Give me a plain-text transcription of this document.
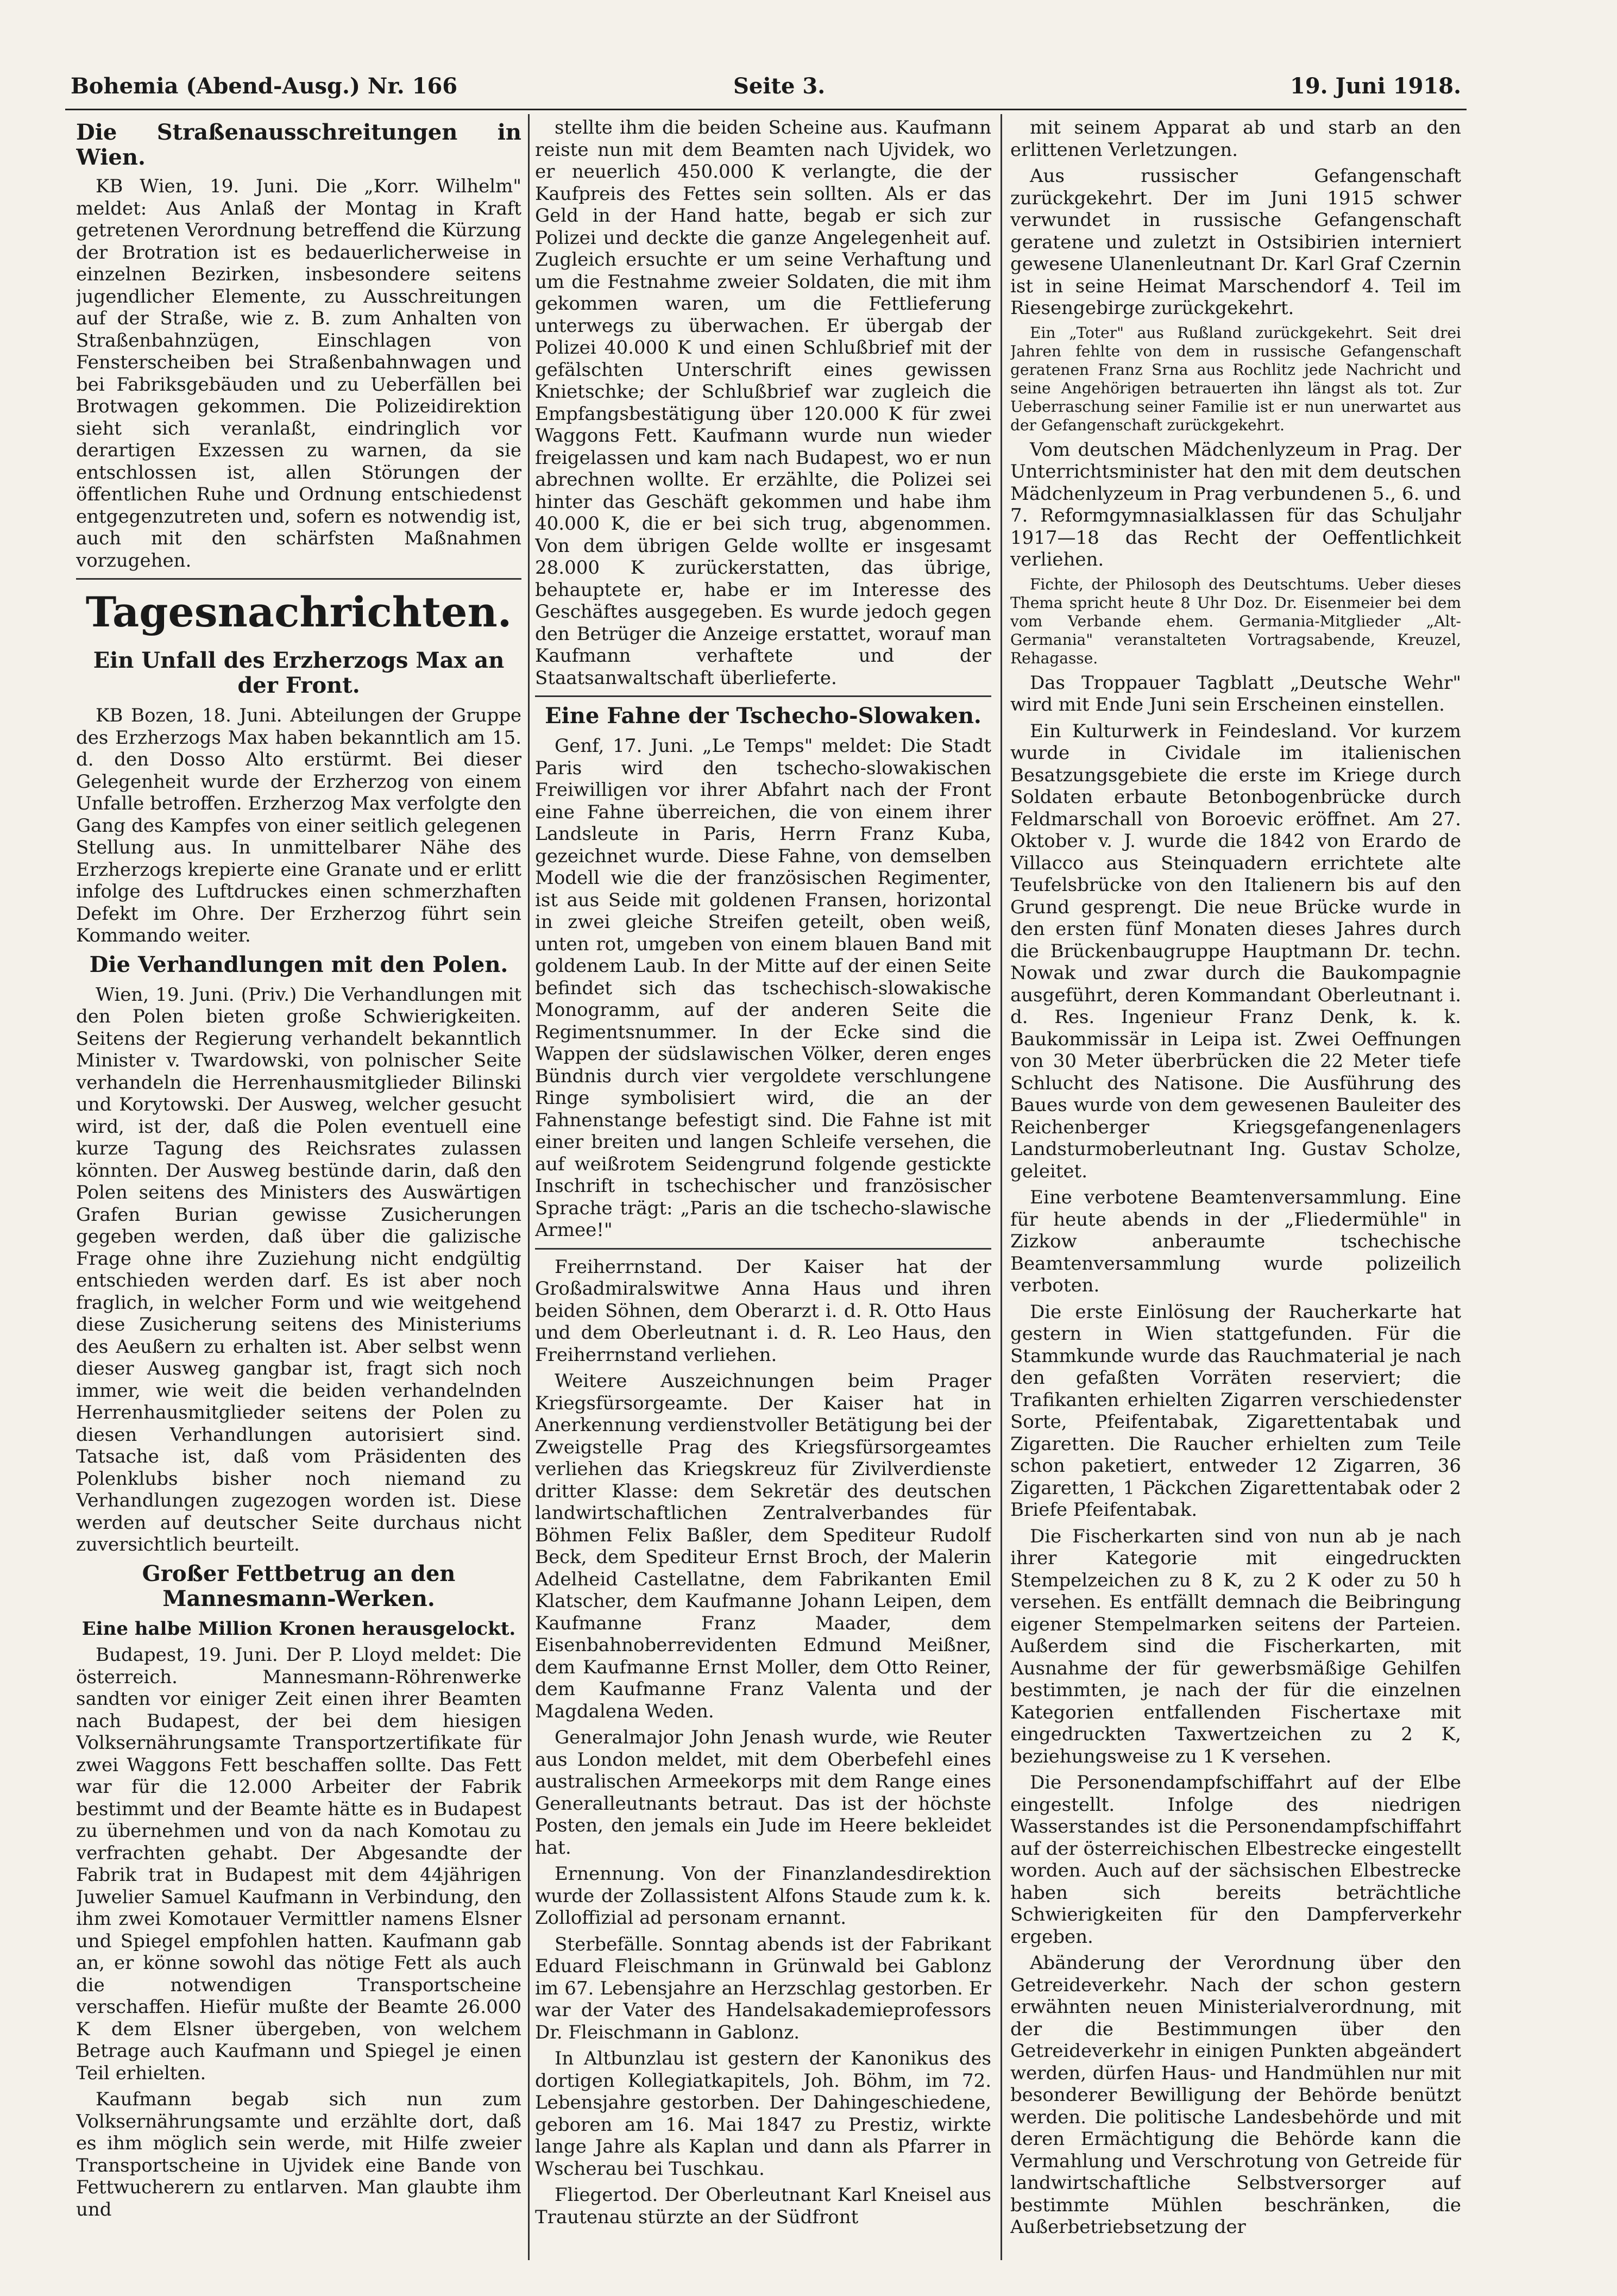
Bohemia (Abend-Ausg.) Nr. 166	Seite 3.	19. Juni 1918.
Die Straßenausschreitungen in Wien.

KB Wien, 19. Juni. Die „Korr. Wilhelm" meldet: Aus Anlaß der Montag in Kraft getretenen Verordnung betreffend die Kürzung der Brotration ist es bedauerlicherweise in einzelnen Bezirken, insbesondere seitens jugendlicher Elemente, zu Ausschreitungen auf der Straße, wie z. B. zum Anhalten von Straßenbahnzügen, Einschlagen von Fensterscheiben bei Straßenbahnwagen und bei Fabriksgebäuden und zu Ueberfällen bei Brotwagen gekommen. Die Polizeidirektion sieht sich veranlaßt, eindringlich vor derartigen Exzessen zu warnen, da sie entschlossen ist, allen Störungen der öffentlichen Ruhe und Ordnung entschiedenst entgegenzutreten und, sofern es notwendig ist, auch mit den schärfsten Maßnahmen vorzugehen.

Tagesnachrichten.
Ein Unfall des Erzherzogs Max an der Front.

KB Bozen, 18. Juni. Abteilungen der Gruppe des Erzherzogs Max haben bekanntlich am 15. d. den Dosso Alto erstürmt. Bei dieser Gelegenheit wurde der Erzherzog von einem Unfalle betroffen. Erzherzog Max verfolgte den Gang des Kampfes von einer seitlich gelegenen Stellung aus. In unmittelbarer Nähe des Erzherzogs krepierte eine Granate und er erlitt infolge des Luftdruckes einen schmerzhaften Defekt im Ohre. Der Erzherzog führt sein Kommando weiter.

Die Verhandlungen mit den Polen.

Wien, 19. Juni. (Priv.) Die Verhandlungen mit den Polen bieten große Schwierigkeiten. Seitens der Regierung verhandelt bekanntlich Minister v. Twardowski, von polnischer Seite verhandeln die Herrenhausmitglieder Bilinski und Korytowski. Der Ausweg, welcher gesucht wird, ist der, daß die Polen eventuell eine kurze Tagung des Reichsrates zulassen könnten. Der Ausweg bestünde darin, daß den Polen seitens des Ministers des Auswärtigen Grafen Burian gewisse Zusicherungen gegeben werden, daß über die galizische Frage ohne ihre Zuziehung nicht endgültig entschieden werden darf. Es ist aber noch fraglich, in welcher Form und wie weitgehend diese Zusicherung seitens des Ministeriums des Aeußern zu erhalten ist. Aber selbst wenn dieser Ausweg gangbar ist, fragt sich noch immer, wie weit die beiden verhandelnden Herrenhausmitglieder seitens der Polen zu diesen Verhandlungen autorisiert sind. Tatsache ist, daß vom Präsidenten des Polenklubs bisher noch niemand zu Verhandlungen zugezogen worden ist. Diese werden auf deutscher Seite durchaus nicht zuversichtlich beurteilt.

Großer Fettbetrug an den Mannesmann-Werken.
Eine halbe Million Kronen herausgelockt.

Budapest, 19. Juni. Der P. Lloyd meldet: Die österreich. Mannesmann-Röhrenwerke sandten vor einiger Zeit einen ihrer Beamten nach Budapest, der bei dem hiesigen Volksernährungsamte Transportzertifikate für zwei Waggons Fett beschaffen sollte. Das Fett war für die 12.000 Arbeiter der Fabrik bestimmt und der Beamte hätte es in Budapest zu übernehmen und von da nach Komotau zu verfrachten gehabt. Der Abgesandte der Fabrik trat in Budapest mit dem 44jährigen Juwelier Samuel Kaufmann in Verbindung, den ihm zwei Komotauer Vermittler namens Elsner und Spiegel empfohlen hatten. Kaufmann gab an, er könne sowohl das nötige Fett als auch die notwendigen Transportscheine verschaffen. Hiefür mußte der Beamte 26.000 K dem Elsner übergeben, von welchem Betrage auch Kaufmann und Spiegel je einen Teil erhielten.

Kaufmann begab sich nun zum Volksernährungsamte und erzählte dort, daß es ihm möglich sein werde, mit Hilfe zweier Transportscheine in Ujvidek eine Bande von Fettwucherern zu entlarven. Man glaubte ihm und

stellte ihm die beiden Scheine aus. Kaufmann reiste nun mit dem Beamten nach Ujvidek, wo er neuerlich 450.000 K verlangte, die der Kaufpreis des Fettes sein sollten. Als er das Geld in der Hand hatte, begab er sich zur Polizei und deckte die ganze Angelegenheit auf. Zugleich ersuchte er um seine Verhaftung und um die Festnahme zweier Soldaten, die mit ihm gekommen waren, um die Fettlieferung unterwegs zu überwachen. Er übergab der Polizei 40.000 K und einen Schlußbrief mit der gefälschten Unterschrift eines gewissen Knietschke; der Schlußbrief war zugleich die Empfangsbestätigung über 120.000 K für zwei Waggons Fett. Kaufmann wurde nun wieder freigelassen und kam nach Budapest, wo er nun abrechnen wollte. Er erzählte, die Polizei sei hinter das Geschäft gekommen und habe ihm 40.000 K, die er bei sich trug, abgenommen. Von dem übrigen Gelde wollte er insgesamt 28.000 K zurückerstatten, das übrige, behauptete er, habe er im Interesse des Geschäftes ausgegeben. Es wurde jedoch gegen den Betrüger die Anzeige erstattet, worauf man Kaufmann verhaftete und der Staatsanwaltschaft überlieferte.

Eine Fahne der Tschecho-Slowaken.

Genf, 17. Juni. „Le Temps" meldet: Die Stadt Paris wird den tschecho-slowakischen Freiwilligen vor ihrer Abfahrt nach der Front eine Fahne überreichen, die von einem ihrer Landsleute in Paris, Herrn Franz Kuba, gezeichnet wurde. Diese Fahne, von demselben Modell wie die der französischen Regimenter, ist aus Seide mit goldenen Fransen, horizontal in zwei gleiche Streifen geteilt, oben weiß, unten rot, umgeben von einem blauen Band mit goldenem Laub. In der Mitte auf der einen Seite befindet sich das tschechisch-slowakische Monogramm, auf der anderen Seite die Regimentsnummer. In der Ecke sind die Wappen der südslawischen Völker, deren enges Bündnis durch vier vergoldete verschlungene Ringe symbolisiert wird, die an der Fahnenstange befestigt sind. Die Fahne ist mit einer breiten und langen Schleife versehen, die auf weißrotem Seidengrund folgende gestickte Inschrift in tschechischer und französischer Sprache trägt: „Paris an die tschecho-slawische Armee!"

Freiherrnstand. Der Kaiser hat der Großadmiralswitwe Anna Haus und ihren beiden Söhnen, dem Oberarzt i. d. R. Otto Haus und dem Oberleutnant i. d. R. Leo Haus, den Freiherrnstand verliehen.

Weitere Auszeichnungen beim Prager Kriegsfürsorgeamte. Der Kaiser hat in Anerkennung verdienstvoller Betätigung bei der Zweigstelle Prag des Kriegsfürsorgeamtes verliehen das Kriegskreuz für Zivilverdienste dritter Klasse: dem Sekretär des deutschen landwirtschaftlichen Zentralverbandes für Böhmen Felix Baßler, dem Spediteur Rudolf Beck, dem Spediteur Ernst Broch, der Malerin Adelheid Castellatne, dem Fabrikanten Emil Klatscher, dem Kaufmanne Johann Leipen, dem Kaufmanne Franz Maader, dem Eisenbahnoberrevidenten Edmund Meißner, dem Kaufmanne Ernst Moller, dem Otto Reiner, dem Kaufmanne Franz Valenta und der Magdalena Weden.

Generalmajor John Jenash wurde, wie Reuter aus London meldet, mit dem Oberbefehl eines australischen Armeekorps mit dem Range eines Generalleutnants betraut. Das ist der höchste Posten, den jemals ein Jude im Heere bekleidet hat.

Ernennung. Von der Finanzlandesdirektion wurde der Zollassistent Alfons Staude zum k. k. Zolloffizial ad personam ernannt.

Sterbefälle. Sonntag abends ist der Fabrikant Eduard Fleischmann in Grünwald bei Gablonz im 67. Lebensjahre an Herzschlag gestorben. Er war der Vater des Handelsakademieprofessors Dr. Fleischmann in Gablonz.

In Altbunzlau ist gestern der Kanonikus des dortigen Kollegiatkapitels, Joh. Böhm, im 72. Lebensjahre gestorben. Der Dahingeschiedene, geboren am 16. Mai 1847 zu Prestiz, wirkte lange Jahre als Kaplan und dann als Pfarrer in Wscherau bei Tuschkau.

Fliegertod. Der Oberleutnant Karl Kneisel aus Trautenau stürzte an der Südfront

mit seinem Apparat ab und starb an den erlittenen Verletzungen.

Aus russischer Gefangenschaft zurückgekehrt. Der im Juni 1915 schwer verwundet in russische Gefangenschaft geratene und zuletzt in Ostsibirien interniert gewesene Ulanenleutnant Dr. Karl Graf Czernin ist in seine Heimat Marschendorf 4. Teil im Riesengebirge zurückgekehrt.

Ein „Toter" aus Rußland zurückgekehrt. Seit drei Jahren fehlte von dem in russische Gefangenschaft geratenen Franz Srna aus Rochlitz jede Nachricht und seine Angehörigen betrauerten ihn längst als tot. Zur Ueberraschung seiner Familie ist er nun unerwartet aus der Gefangenschaft zurückgekehrt.

Vom deutschen Mädchenlyzeum in Prag. Der Unterrichtsminister hat den mit dem deutschen Mädchenlyzeum in Prag verbundenen 5., 6. und 7. Reformgymnasialklassen für das Schuljahr 1917—18 das Recht der Oeffentlichkeit verliehen.

Fichte, der Philosoph des Deutschtums. Ueber dieses Thema spricht heute 8 Uhr Doz. Dr. Eisenmeier bei dem vom Verbande ehem. Germania-Mitglieder „Alt-Germania" veranstalteten Vortragsabende, Kreuzel, Rehagasse.

Das Troppauer Tagblatt „Deutsche Wehr" wird mit Ende Juni sein Erscheinen einstellen.

Ein Kulturwerk in Feindesland. Vor kurzem wurde in Cividale im italienischen Besatzungsgebiete die erste im Kriege durch Soldaten erbaute Betonbogenbrücke durch Feldmarschall von Boroevic eröffnet. Am 27. Oktober v. J. wurde die 1842 von Erardo de Villacco aus Steinquadern errichtete alte Teufelsbrücke von den Italienern bis auf den Grund gesprengt. Die neue Brücke wurde in den ersten fünf Monaten dieses Jahres durch die Brückenbaugruppe Hauptmann Dr. techn. Nowak und zwar durch die Baukompagnie ausgeführt, deren Kommandant Oberleutnant i. d. Res. Ingenieur Franz Denk, k. k. Baukommissär in Leipa ist. Zwei Oeffnungen von 30 Meter überbrücken die 22 Meter tiefe Schlucht des Natisone. Die Ausführung des Baues wurde von dem gewesenen Bauleiter des Reichenberger Kriegsgefangenenlagers Landsturmoberleutnant Ing. Gustav Scholze, geleitet.

Eine verbotene Beamtenversammlung. Eine für heute abends in der „Fliedermühle" in Zizkow anberaumte tschechische Beamtenversammlung wurde polizeilich verboten.

Die erste Einlösung der Raucherkarte hat gestern in Wien stattgefunden. Für die Stammkunde wurde das Rauchmaterial je nach den gefaßten Vorräten reserviert; die Trafikanten erhielten Zigarren verschiedenster Sorte, Pfeifentabak, Zigarettentabak und Zigaretten. Die Raucher erhielten zum Teile schon paketiert, entweder 12 Zigarren, 36 Zigaretten, 1 Päckchen Zigarettentabak oder 2 Briefe Pfeifentabak.

Die Fischerkarten sind von nun ab je nach ihrer Kategorie mit eingedruckten Stempelzeichen zu 8 K, zu 2 K oder zu 50 h versehen. Es entfällt demnach die Beibringung eigener Stempelmarken seitens der Parteien. Außerdem sind die Fischerkarten, mit Ausnahme der für gewerbsmäßige Gehilfen bestimmten, je nach der für die einzelnen Kategorien entfallenden Fischertaxe mit eingedruckten Taxwertzeichen zu 2 K, beziehungsweise zu 1 K versehen.

Die Personendampfschiffahrt auf der Elbe eingestellt. Infolge des niedrigen Wasserstandes ist die Personendampfschiffahrt auf der österreichischen Elbestrecke eingestellt worden. Auch auf der sächsischen Elbestrecke haben sich bereits beträchtliche Schwierigkeiten für den Dampferverkehr ergeben.

Abänderung der Verordnung über den Getreideverkehr. Nach der schon gestern erwähnten neuen Ministerialverordnung, mit der die Bestimmungen über den Getreideverkehr in einigen Punkten abgeändert werden, dürfen Haus- und Handmühlen nur mit besonderer Bewilligung der Behörde benützt werden. Die politische Landesbehörde und mit deren Ermächtigung die Behörde kann die Vermahlung und Verschrotung von Getreide für landwirtschaftliche Selbstversorger auf bestimmte Mühlen beschränken, die Außerbetriebsetzung der
